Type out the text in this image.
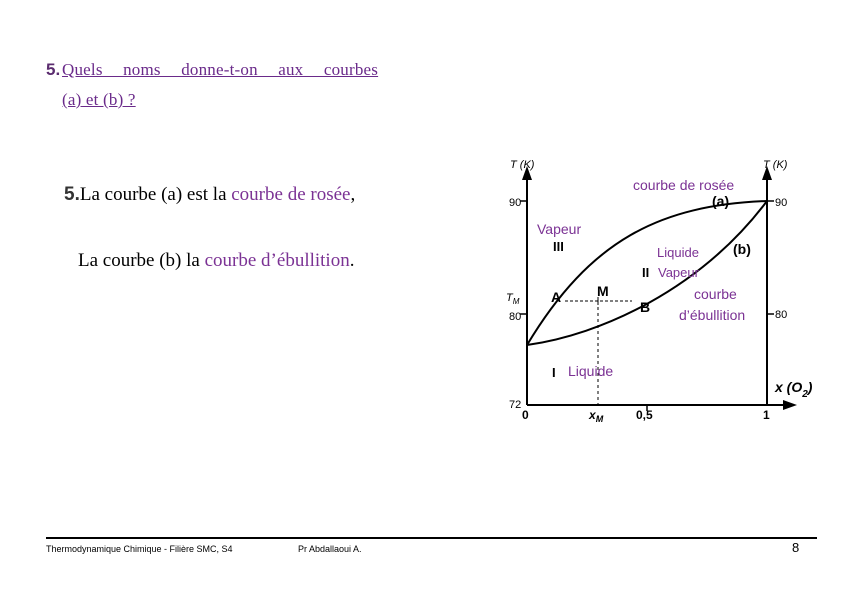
5. Quels noms donne-t-on aux courbes
(a) et (b) ?
5.La courbe (a) est la courbe de rosée,
La courbe (b) la courbe d’ébullition.
T (K)	T (K)
90
80
72
90
80
$T_M$
0	0,5	1
$x_M$
x $(O_2)$
(a)
(b)
III
II
I
A	M
B
courbe de rosée
Vapeur
Liquide
Vapeur
courbe
d’ébullition
Liquide
Thermodynamique Chimique - Filière SMC, S4	Pr Abdallaoui A.	8
